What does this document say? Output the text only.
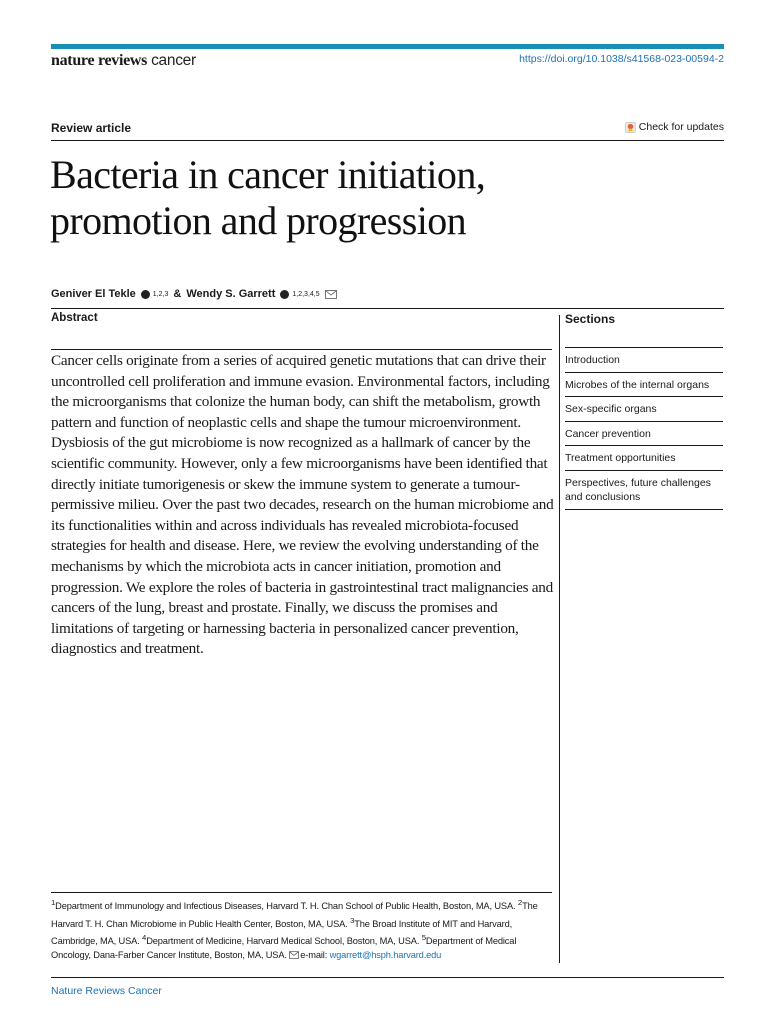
nature reviews cancer	https://doi.org/10.1038/s41568-023-00594-2
Review article	Check for updates
Bacteria in cancer initiation,
promotion and progression
Geniver El Tekle 1,2,3 & Wendy S. Garrett 1,2,3,4,5
Abstract

Cancer cells originate from a series of acquired genetic mutations that can drive their uncontrolled cell proliferation and immune evasion. Environmental factors, including the microorganisms that colonize the human body, can shift the metabolism, growth pattern and function of neoplastic cells and shape the tumour microenvironment. Dysbiosis of the gut microbiome is now recognized as a hallmark of cancer by the scientific community. However, only a few microorganisms have been identified that directly initiate tumorigenesis or skew the immune system to generate a tumour-permissive milieu. Over the past two decades, research on the human microbiome and its functionalities within and across individuals has revealed microbiota-focused strategies for health and disease. Here, we review the evolving understanding of the mechanisms by which the microbiota acts in cancer initiation, promotion and progression. We explore the roles of bacteria in gastrointestinal tract malignancies and cancers of the lung, breast and prostate. Finally, we discuss the promises and limitations of targeting or harnessing bacteria in personalized cancer prevention, diagnostics and treatment.

Sections
Introduction
Microbes of the internal organs
Sex-specific organs
Cancer prevention
Treatment opportunities
Perspectives, future challenges and conclusions
$^1$Department of Immunology and Infectious Diseases, Harvard T. H. Chan School of Public Health, Boston, MA, USA. $^2$The Harvard T. H. Chan Microbiome in Public Health Center, Boston, MA, USA. $^3$The Broad Institute of MIT and Harvard, Cambridge, MA, USA. $^4$Department of Medicine, Harvard Medical School, Boston, MA, USA. $^5$Department of Medical Oncology, Dana-Farber Cancer Institute, Boston, MA, USA. e-mail: wgarrett@hsph.harvard.edu
Nature Reviews Cancer
